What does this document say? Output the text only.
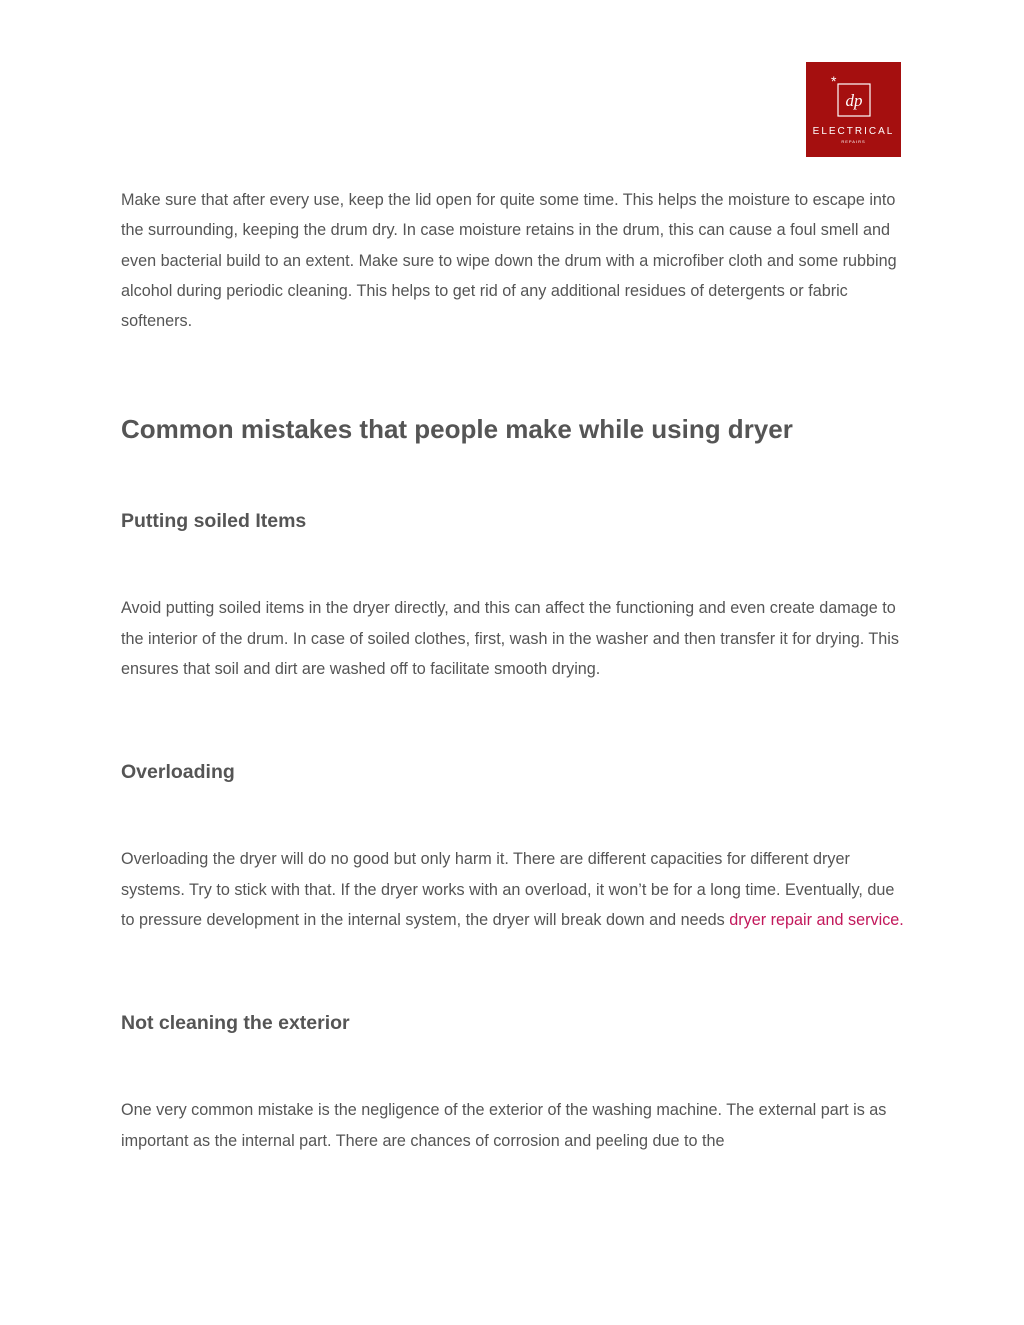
*
dp
ELECTRICAL
REPAIRS

Make sure that after every use, keep the lid open for quite some time. This helps the moisture to escape into the surrounding, keeping the drum dry. In case moisture retains in the drum, this can cause a foul smell and even bacterial build to an extent. Make sure to wipe down the drum with a microfiber cloth and some rubbing alcohol during periodic cleaning. This helps to get rid of any additional residues of detergents or fabric softeners.

Common mistakes that people make while using dryer
Putting soiled Items

Avoid putting soiled items in the dryer directly, and this can affect the functioning and even create damage to the interior of the drum. In case of soiled clothes, first, wash in the washer and then transfer it for drying. This ensures that soil and dirt are washed off to facilitate smooth drying.

Overloading

Overloading the dryer will do no good but only harm it. There are different capacities for different dryer systems. Try to stick with that. If the dryer works with an overload, it won’t be for a long time. Eventually, due to pressure development in the internal system, the dryer will break down and needs dryer repair and service.

Not cleaning the exterior

One very common mistake is the negligence of the exterior of the washing machine. The external part is as important as the internal part. There are chances of corrosion and peeling due to the
